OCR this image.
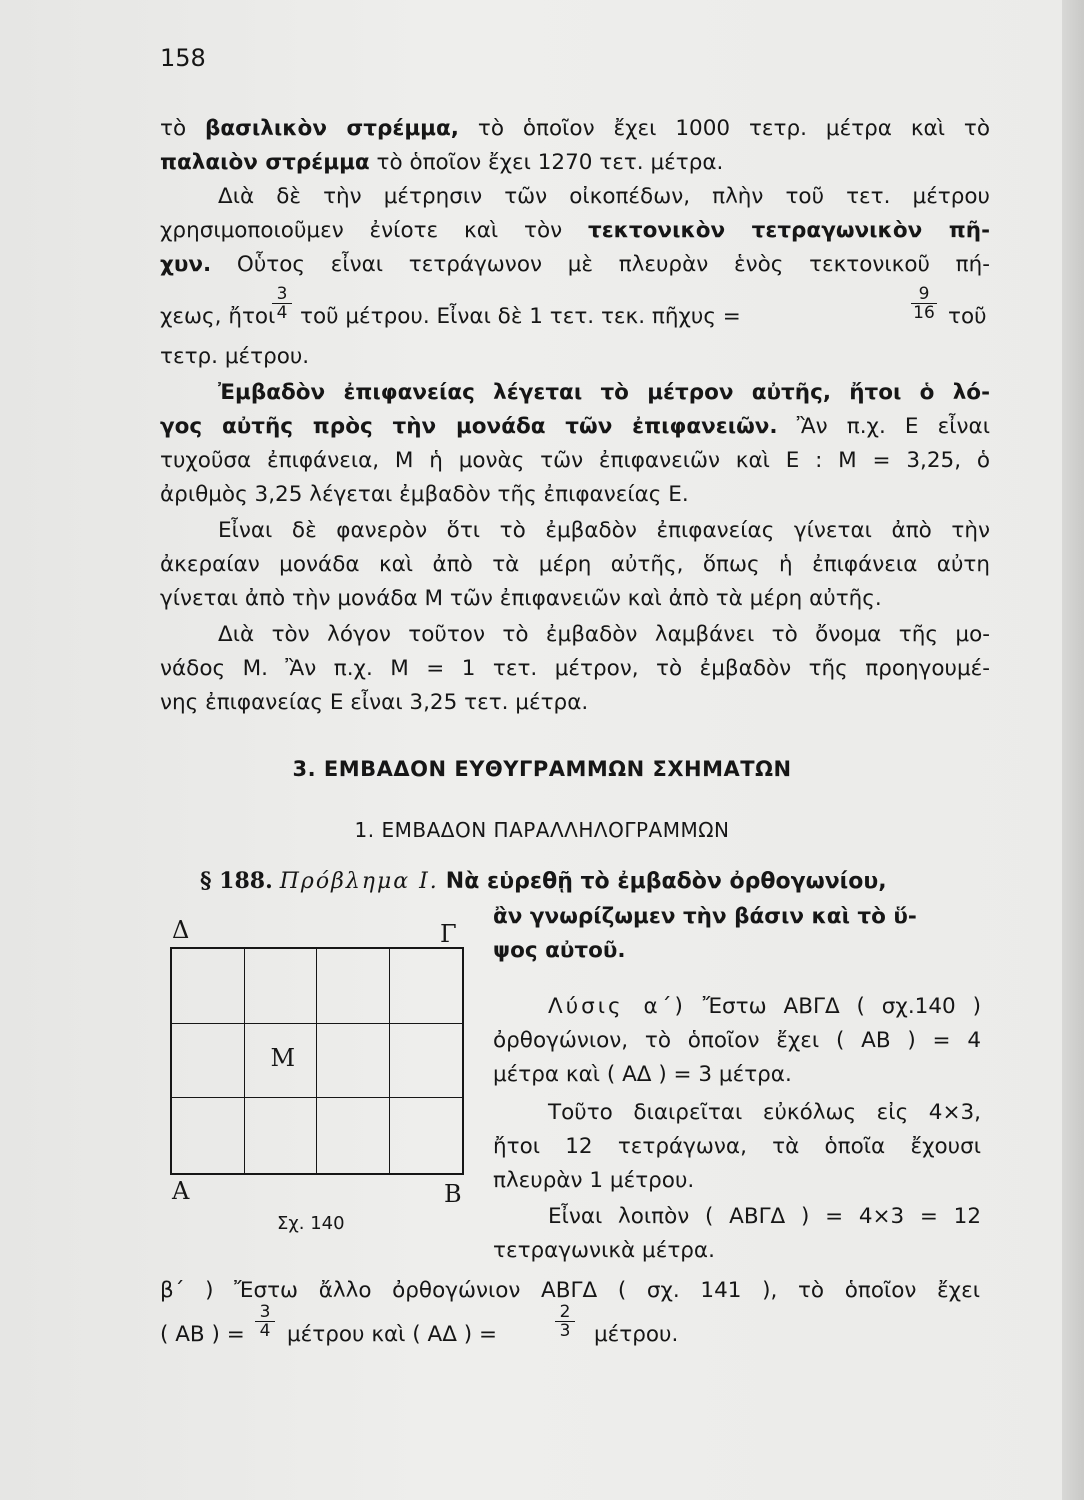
158
τὸ βασιλικὸν στρέμμα, τὸ ὁποῖον ἔχει 1000 τετρ. μέτρα καὶ τὸ
παλαιὸν στρέμμα τὸ ὁποῖον ἔχει 1270 τετ. μέτρα.
Διὰ δὲ τὴν μέτρησιν τῶν οἰκοπέδων, πλὴν τοῦ τετ. μέτρου
χρησιμοποιοῦμεν ἐνίοτε καὶ τὸν τεκτονικὸν τετραγωνικὸν πῆ-
χυν. Οὗτος εἶναι τετράγωνον μὲ πλευρὰν ἑνὸς τεκτονικοῦ πή-
χεως, ἤτοι
$\frac{3}{4}$ τοῦ μέτρου. Εἶναι δὲ 1 τετ. τεκ. πῆχυς =	$\frac{9}{16}$ τοῦ
τετρ. μέτρου.
Ἐμβαδὸν ἐπιφανείας λέγεται τὸ μέτρον αὐτῆς, ἤτοι ὁ λό-
γος αὐτῆς πρὸς τὴν μονάδα τῶν ἐπιφανειῶν. Ἂν π.χ. Ε εἶναι
τυχοῦσα ἐπιφάνεια, Μ ἡ μονὰς τῶν ἐπιφανειῶν καὶ Ε : Μ = 3,25, ὁ
ἀριθμὸς 3,25 λέγεται ἐμβαδὸν τῆς ἐπιφανείας Ε.
Εἶναι δὲ φανερὸν ὅτι τὸ ἐμβαδὸν ἐπιφανείας γίνεται ἀπὸ τὴν
ἀκεραίαν μονάδα καὶ ἀπὸ τὰ μέρη αὐτῆς, ὅπως ἡ ἐπιφάνεια αὐτη
γίνεται ἀπὸ τὴν μονάδα Μ τῶν ἐπιφανειῶν καὶ ἀπὸ τὰ μέρη αὐτῆς.
Διὰ τὸν λόγον τοῦτον τὸ ἐμβαδὸν λαμβάνει τὸ ὄνομα τῆς μο-
νάδος Μ. Ἂν π.χ. Μ = 1 τετ. μέτρον, τὸ ἐμβαδὸν τῆς προηγουμέ-
νης ἐπιφανείας Ε εἶναι 3,25 τετ. μέτρα.
3. ΕΜΒΑΔΟΝ ΕΥΘΥΓΡΑΜΜΩΝ ΣΧΗΜΑΤΩΝ
1. ΕΜΒΑΔΟΝ ΠΑΡΑΛΛΗΛΟΓΡΑΜΜΩΝ
§ 188. Πρόβλημα Ι. Νὰ εὑρεθῇ τὸ ἐμβαδὸν ὀρθογωνίου,
ἂν γνωρίζωμεν τὴν βάσιν καὶ τὸ ὕ-
ψος αὐτοῦ.
Δ	Γ
Μ
Α	Β
Σχ. 140
Λύσις α΄) Ἔστω ΑΒΓΔ ( σχ.140 )
ὀρθογώνιον, τὸ ὁποῖον ἔχει ( ΑΒ ) = 4
μέτρα καὶ ( ΑΔ ) = 3 μέτρα.
Τοῦτο διαιρεῖται εὐκόλως εἰς 4×3,
ἤτοι 12 τετράγωνα, τὰ ὁποῖα ἔχουσι
πλευρὰν 1 μέτρου.
Εἶναι λοιπὸν ( ΑΒΓΔ ) = 4×3 = 12
τετραγωνικὰ μέτρα.
β΄ ) Ἔστω ἄλλο ὀρθογώνιον ΑΒΓΔ ( σχ. 141 ), τὸ ὁποῖον ἔχει
( ΑΒ ) = $\frac{3}{4}$ μέτρου καὶ ( ΑΔ ) =	$\frac{2}{3} \mu έ\tau\rho o\upsilon$.
